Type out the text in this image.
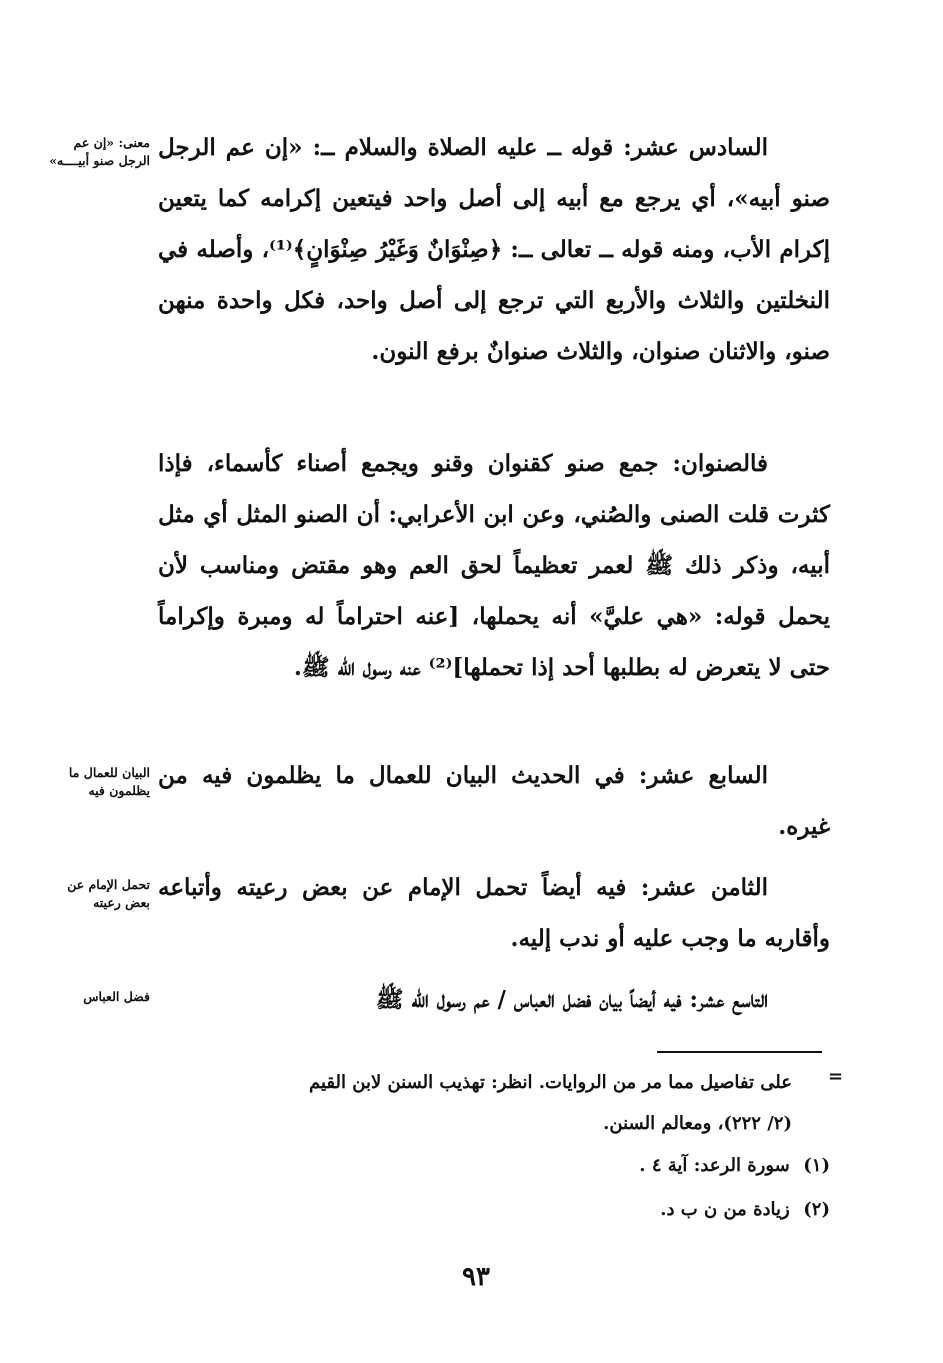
معنى: «إن عم الرجل صنو أبيــــه»
البيان للعمال ما يظلمون فيه
تحمل الإمام عن بعض رعيته
فضل العباس

السادس عشر: قوله ــ عليه الصلاة والسلام ــ: «إن عم الرجل صنو أبيه»، أي يرجع مع أبيه إلى أصل واحد فيتعين إكرامه كما يتعين إكرام الأب، ومنه قوله ــ تعالى ــ: ﴿صِنْوَانٌ وَغَيْرُ صِنْوَانٍ﴾⁽¹⁾، وأصله في النخلتين والثلاث والأربع التي ترجع إلى أصل واحد، فكل واحدة منهن صنو، والاثنان صنوان، والثلاث صنوانٌ برفع النون.

فالصنوان: جمع صنو كقنوان وقنو ويجمع أصناء كأسماء، فإذا كثرت قلت الصنى والصُني، وعن ابن الأعرابي: أن الصنو المثل أي مثل أبيه، وذكر ذلك ﷺ لعمر تعظيماً لحق العم وهو مقتض ومناسب لأن يحمل قوله: «هي عليَّ» أنه يحملها، [عنه احتراماً له ومبرة وإكراماً حتى لا يتعرض له بطلبها أحد إذا تحملها]⁽²⁾ عنه رسول الله ﷺ.

السابع عشر: في الحديث البيان للعمال ما يظلمون فيه من غيره.

الثامن عشر: فيه أيضاً تحمل الإمام عن بعض رعيته وأتباعه وأقاربه ما وجب عليه أو ندب إليه.

التاسع عشر: فيه أيضاً بيان فضل العباس / عم رسول الله ﷺ

=
على تفاصيل مما مر من الروايات. انظر: تهذيب السنن لابن القيم
(٢/ ٢٢٢)، ومعالم السنن.
(١) سورة الرعد: آية ٤ .
(٢) زيادة من ن ب د.
٩٣
